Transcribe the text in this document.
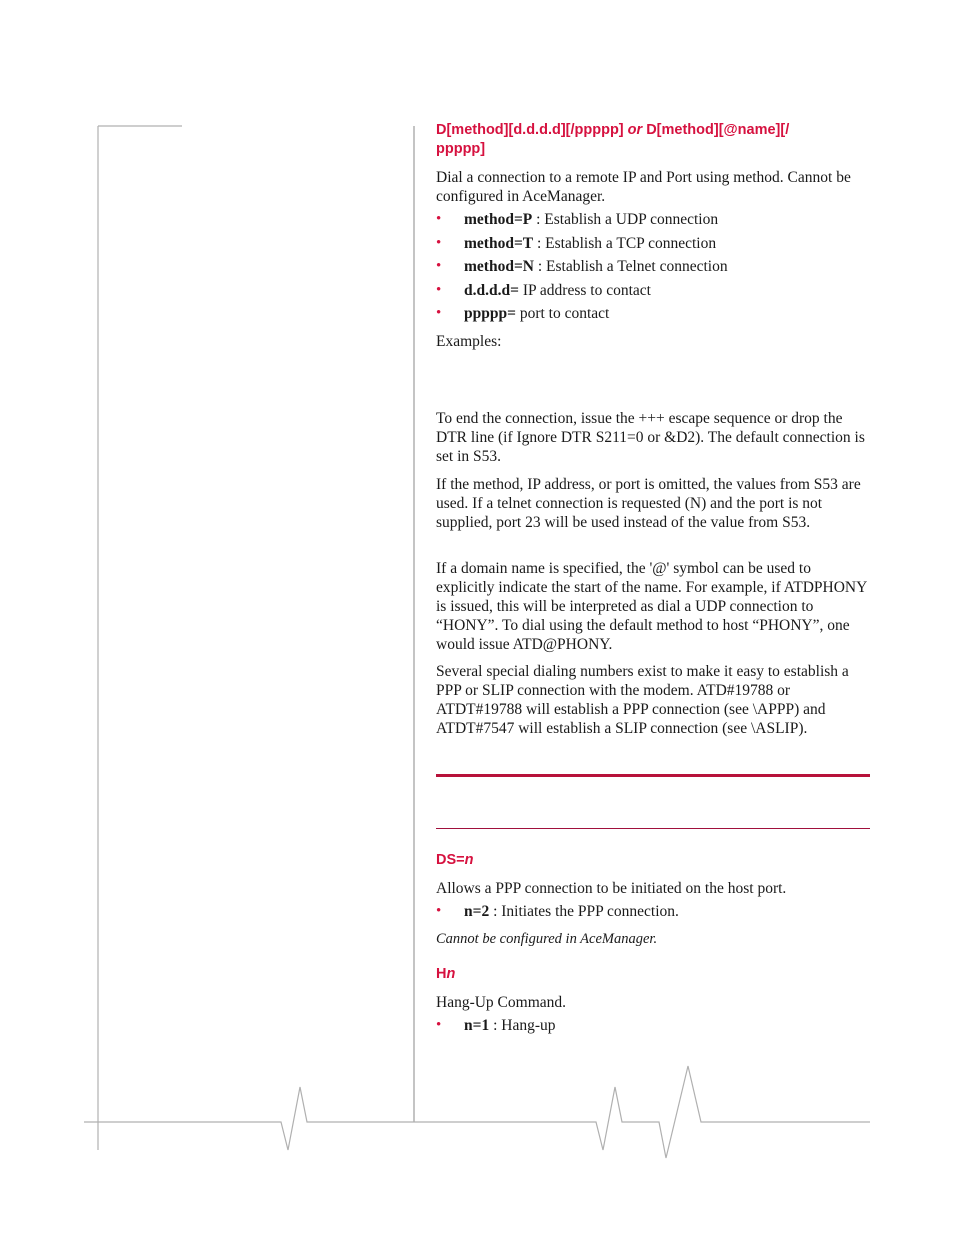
D[method][d.d.d.d][/ppppp] or D[method][@name][/
ppppp]

Dial a connection to a remote IP and Port using method. Cannot be configured in AceManager.

• method=P : Establish a UDP connection
• method=T : Establish a TCP connection
• method=N : Establish a Telnet connection
• d.d.d.d= IP address to contact
• ppppp= port to contact

Examples:

To end the connection, issue the +++ escape sequence or drop the DTR line (if Ignore DTR S211=0 or &D2). The default connection is set in S53.

If the method, IP address, or port is omitted, the values from S53 are used. If a telnet connection is requested (N) and the port is not supplied, port 23 will be used instead of the value from S53.

If a domain name is specified, the '@' symbol can be used to explicitly indicate the start of the name. For example, if ATDPHONY is issued, this will be interpreted as dial a UDP connection to “HONY”. To dial using the default method to host “PHONY”, one would issue ATD@PHONY.

Several special dialing numbers exist to make it easy to establish a PPP or SLIP connection with the modem. ATD#19788 or ATDT#19788 will establish a PPP connection (see \APPP) and ATDT#7547 will establish a SLIP connection (see \ASLIP).

DS=n

Allows a PPP connection to be initiated on the host port.

• n=2 : Initiates the PPP connection.

Cannot be configured in AceManager.

Hn

Hang-Up Command.

• n=1 : Hang-up
